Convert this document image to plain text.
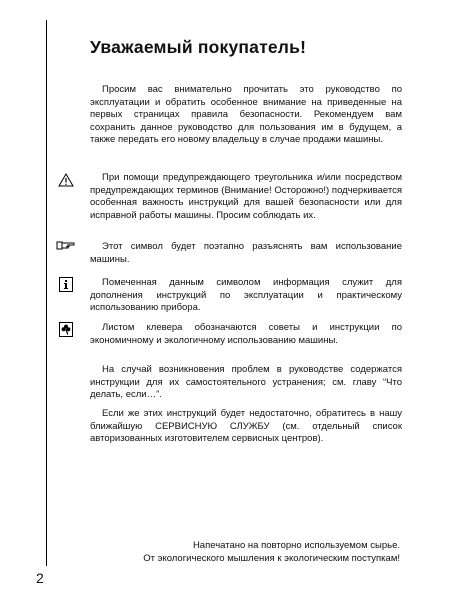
Уважаемый покупатель!

Просим вас внимательно прочитать это руководство по эксплуатации и обратить особенное внимание на приведенные на первых страницах правила безопасности. Рекомендуем вам сохранить данное руководство для пользования им в будущем, а также передать его новому владельцу в случае продажи машины.

При помощи предупреждающего треугольника и/или посредством предупреждающих терминов (Внимание! Осторожно!) подчеркивается особенная важность инструкций для вашей безопасности или для исправной работы машины. Просим соблюдать их.

Этот символ будет поэтапно разъяснять вам использование машины.

Помеченная данным символом информация служит для дополнения инструкций по эксплуатации и практическому использованию прибора.

Листом клевера обозначаются советы и инструкции по экономичному и экологичному использованию машины.

На случай возникновения проблем в руководстве содержатся инструкции для их самостоятельного устранения; см. главу “Что делать, если…”.

Если же этих инструкций будет недостаточно, обратитесь в нашу ближайшую СЕРВИСНУЮ СЛУЖБУ (см. отдельный список авторизованных изготовителем сервисных центров).

Напечатано на повторно используемом сырье.
От экологического мышления к экологическим поступкам!
2
